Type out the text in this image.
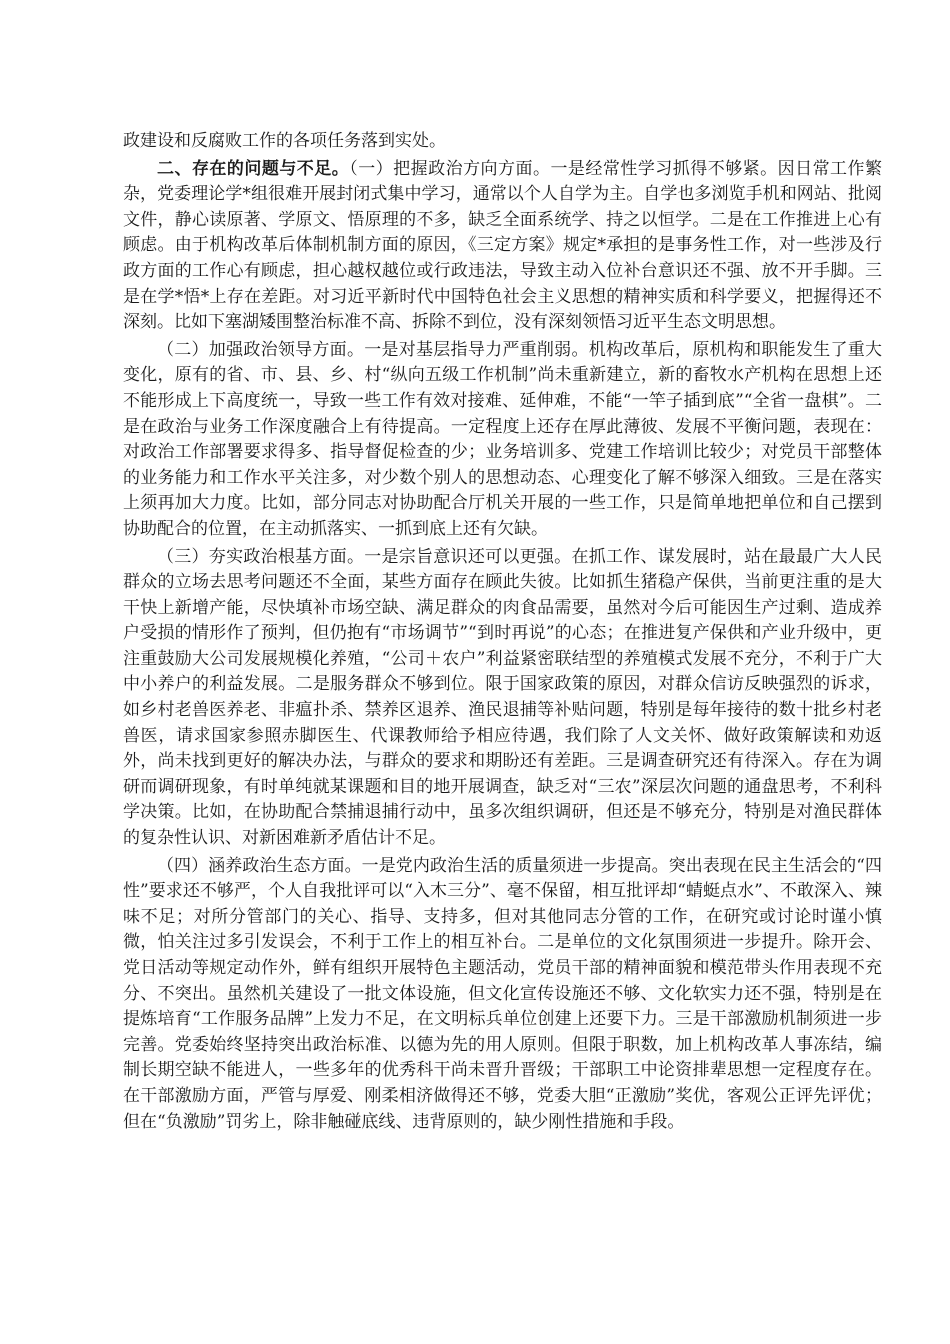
政建设和反腐败工作的各项任务落到实处。

二、存在的问题与不足。（一）把握政治方向方面。一是经常性学习抓得不够紧。因日常工作繁杂，党委理论学*组很难开展封闭式集中学习，通常以个人自学为主。自学也多浏览手机和网站、批阅文件，静心读原著、学原文、悟原理的不多，缺乏全面系统学、持之以恒学。二是在工作推进上心有顾虑。由于机构改革后体制机制方面的原因，《三定方案》规定*承担的是事务性工作，对一些涉及行政方面的工作心有顾虑，担心越权越位或行政违法，导致主动入位补台意识还不强、放不开手脚。三是在学*悟*上存在差距。对习近平新时代中国特色社会主义思想的精神实质和科学要义，把握得还不深刻。比如下塞湖矮围整治标准不高、拆除不到位，没有深刻领悟习近平生态文明思想。

（二）加强政治领导方面。一是对基层指导力严重削弱。机构改革后，原机构和职能发生了重大变化，原有的省、市、县、乡、村“纵向五级工作机制”尚未重新建立，新的畜牧水产机构在思想上还不能形成上下高度统一，导致一些工作有效对接难、延伸难，不能“一竿子插到底”“全省一盘棋”。二是在政治与业务工作深度融合上有待提高。一定程度上还存在厚此薄彼、发展不平衡问题，表现在：对政治工作部署要求得多、指导督促检查的少；业务培训多、党建工作培训比较少；对党员干部整体的业务能力和工作水平关注多，对少数个别人的思想动态、心理变化了解不够深入细致。三是在落实上须再加大力度。比如，部分同志对协助配合厅机关开展的一些工作，只是简单地把单位和自己摆到协助配合的位置，在主动抓落实、一抓到底上还有欠缺。

（三）夯实政治根基方面。一是宗旨意识还可以更强。在抓工作、谋发展时，站在最最广大人民群众的立场去思考问题还不全面，某些方面存在顾此失彼。比如抓生猪稳产保供，当前更注重的是大干快上新增产能，尽快填补市场空缺、满足群众的肉食品需要，虽然对今后可能因生产过剩、造成养户受损的情形作了预判，但仍抱有“市场调节”“到时再说”的心态；在推进复产保供和产业升级中，更注重鼓励大公司发展规模化养殖，“公司＋农户”利益紧密联结型的养殖模式发展不充分，不利于广大中小养户的利益发展。二是服务群众不够到位。限于国家政策的原因，对群众信访反映强烈的诉求，如乡村老兽医养老、非瘟扑杀、禁养区退养、渔民退捕等补贴问题，特别是每年接待的数十批乡村老兽医，请求国家参照赤脚医生、代课教师给予相应待遇，我们除了人文关怀、做好政策解读和劝返外，尚未找到更好的解决办法，与群众的要求和期盼还有差距。三是调查研究还有待深入。存在为调研而调研现象，有时单纯就某课题和目的地开展调查，缺乏对“三农”深层次问题的通盘思考，不利科学决策。比如，在协助配合禁捕退捕行动中，虽多次组织调研，但还是不够充分，特别是对渔民群体的复杂性认识、对新困难新矛盾估计不足。

（四）涵养政治生态方面。一是党内政治生活的质量须进一步提高。突出表现在民主生活会的“四性”要求还不够严，个人自我批评可以“入木三分”、毫不保留，相互批评却“蜻蜓点水”、不敢深入、辣味不足；对所分管部门的关心、指导、支持多，但对其他同志分管的工作，在研究或讨论时谨小慎微，怕关注过多引发误会，不利于工作上的相互补台。二是单位的文化氛围须进一步提升。除开会、党日活动等规定动作外，鲜有组织开展特色主题活动，党员干部的精神面貌和模范带头作用表现不充分、不突出。虽然机关建设了一批文体设施，但文化宣传设施还不够、文化软实力还不强，特别是在提炼培育“工作服务品牌”上发力不足，在文明标兵单位创建上还要下力。三是干部激励机制须进一步完善。党委始终坚持突出政治标准、以德为先的用人原则。但限于职数，加上机构改革人事冻结，编制长期空缺不能进人，一些多年的优秀科干尚未晋升晋级；干部职工中论资排辈思想一定程度存在。在干部激励方面，严管与厚爱、刚柔相济做得还不够，党委大胆“正激励”奖优，客观公正评先评优；但在“负激励”罚劣上，除非触碰底线、违背原则的，缺少刚性措施和手段。
